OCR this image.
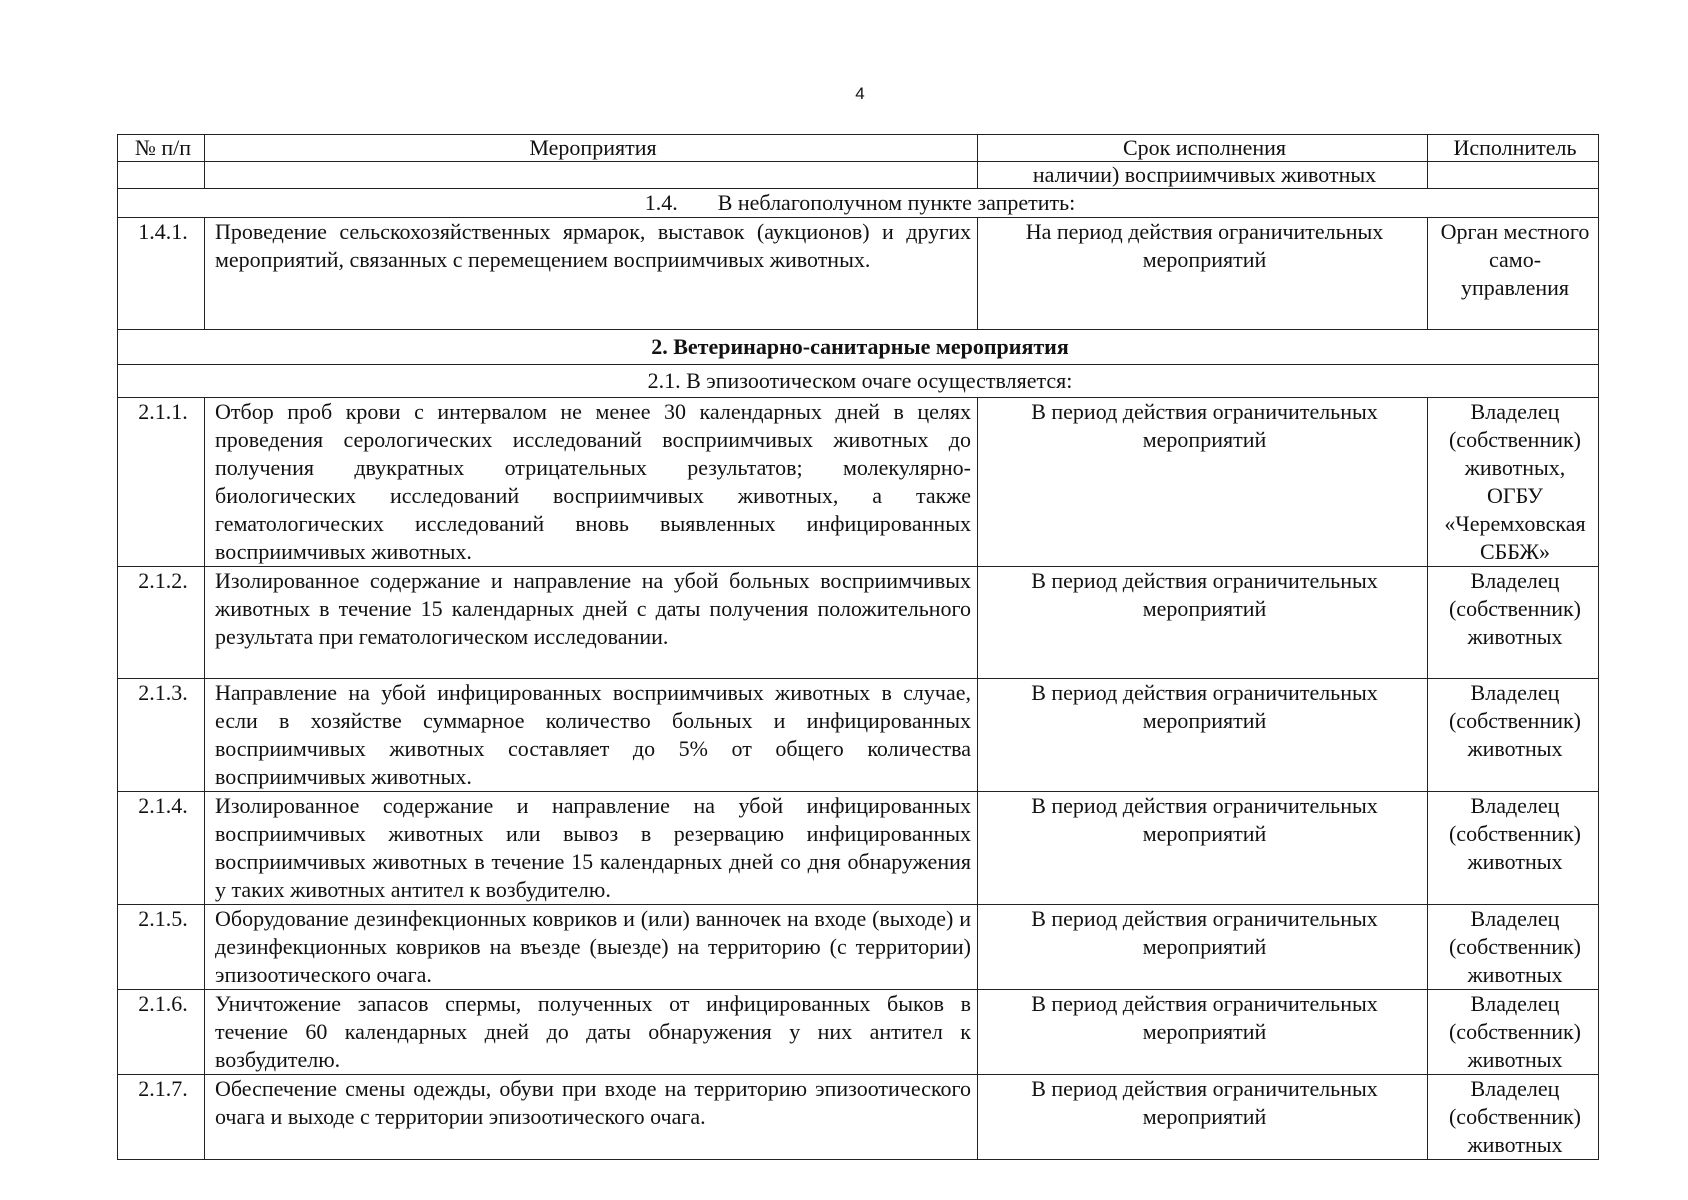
4
№ п/п	Мероприятия	Срок исполнения	Исполнитель
		наличии) восприимчивых животных	
1.4. В неблагополучном пункте запретить:			
1.4.1.	Проведение сельскохозяйственных ярмарок, выставок (аукционов) и других мероприятий, связанных с перемещением восприимчивых животных.	На период действия ограничительных мероприятий	Орган местного само-управления
2. Ветеринарно-санитарные мероприятия			
2.1. В эпизоотическом очаге осуществляется:			
2.1.1.	Отбор проб крови с интервалом не менее 30 календарных дней в целях проведения серологических исследований восприимчивых животных до получения двукратных отрицательных результатов; молекулярно-биологических исследований восприимчивых животных, а также гематологических исследований вновь выявленных инфицированных восприимчивых животных.	В период действия ограничительных мероприятий	Владелец (собственник) животных, ОГБУ «Черемховская СББЖ»
2.1.2.	Изолированное содержание и направление на убой больных восприимчивых животных в течение 15 календарных дней с даты получения положительного результата при гематологическом исследовании.	В период действия ограничительных мероприятий	Владелец (собственник) животных
2.1.3.	Направление на убой инфицированных восприимчивых животных в случае, если в хозяйстве суммарное количество больных и инфицированных восприимчивых животных составляет до 5% от общего количества восприимчивых животных.	В период действия ограничительных мероприятий	Владелец (собственник) животных
2.1.4.	Изолированное содержание и направление на убой инфицированных восприимчивых животных или вывоз в резервацию инфицированных восприимчивых животных в течение 15 календарных дней со дня обнаружения у таких животных антител к возбудителю.	В период действия ограничительных мероприятий	Владелец (собственник) животных
2.1.5.	Оборудование дезинфекционных ковриков и (или) ванночек на входе (выходе) и дезинфекционных ковриков на въезде (выезде) на территорию (с территории) эпизоотического очага.	В период действия ограничительных мероприятий	Владелец (собственник) животных
2.1.6.	Уничтожение запасов спермы, полученных от инфицированных быков в течение 60 календарных дней до даты обнаружения у них антител к возбудителю.	В период действия ограничительных мероприятий	Владелец (собственник) животных
2.1.7.	Обеспечение смены одежды, обуви при входе на территорию эпизоотического очага и выходе с территории эпизоотического очага.	В период действия ограничительных мероприятий	Владелец (собственник) животных
